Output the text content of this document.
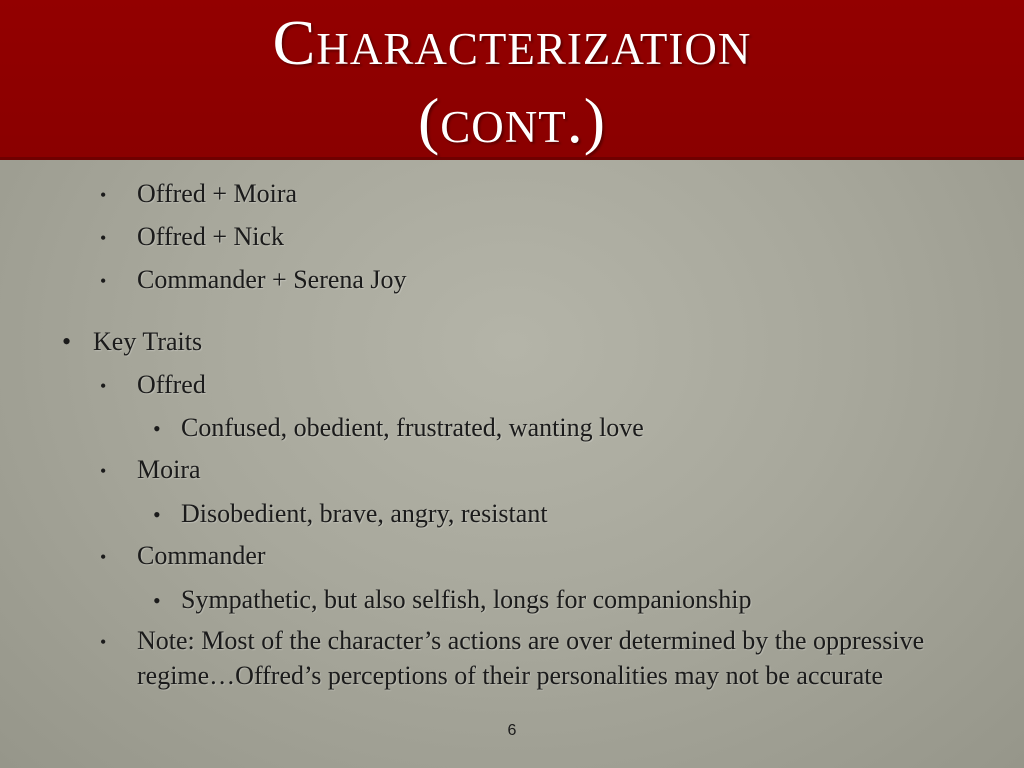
Characterization
(cont.)
• Offred + Moira
• Offred + Nick
• Commander + Serena Joy
• Key Traits
• Offred
• Confused, obedient, frustrated, wanting love
• Moira
• Disobedient, brave, angry, resistant
• Commander
• Sympathetic, but also selfish, longs for companionship
• Note: Most of the character’s actions are over determined by the oppressive regime…Offred’s perceptions of their personalities may not be accurate
6
